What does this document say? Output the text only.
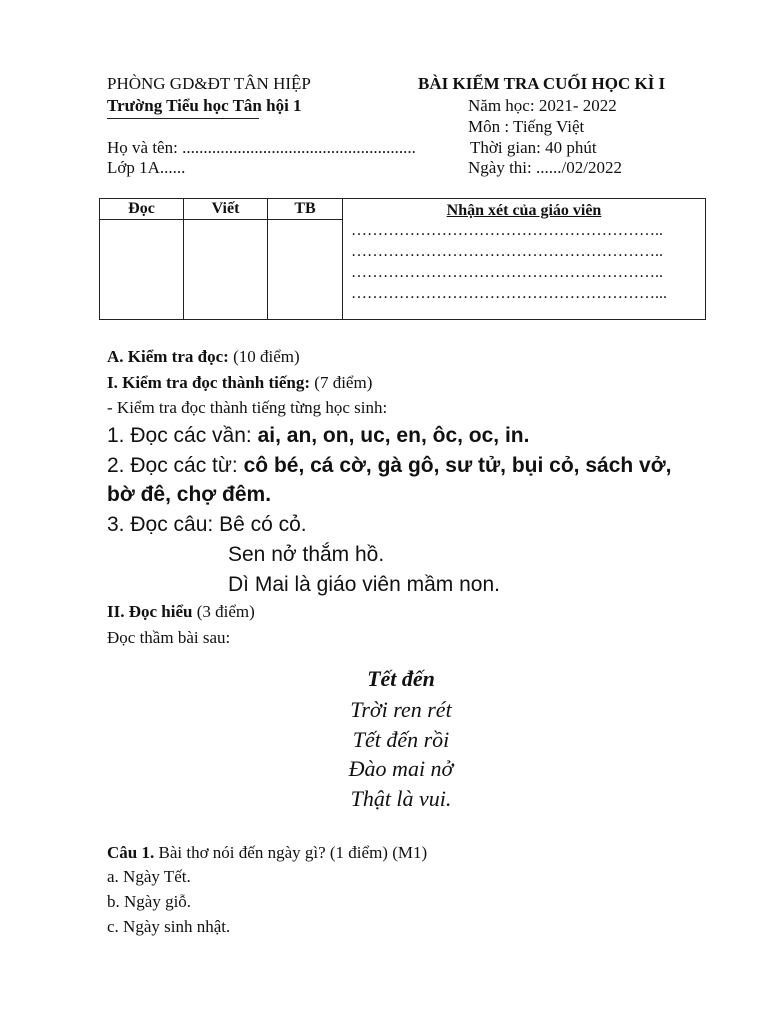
PHÒNG GD&ĐT TÂN HIỆP
Trường Tiểu học Tân hội 1
Họ và tên: .......................................................
Lớp 1A......
BÀI KIỂM TRA CUỐI HỌC KÌ I
Năm học: 2021- 2022
Môn : Tiếng Việt
Thời gian: 40 phút
Ngày thi: ....../02/2022
Đọc	Viết	TB	Nhận xét của giáo viên
…………………………………………………..
…………………………………………………..
…………………………………………………..
…………………………………………………...

A. Kiểm tra đọc: (10 điểm)
I. Kiểm tra đọc thành tiếng: (7 điểm)
- Kiểm tra đọc thành tiếng từng học sinh:
1. Đọc các vần: ai, an, on, uc, en, ôc, oc, in.
2. Đọc các từ: cô bé, cá cờ, gà gô, sư tử, bụi cỏ, sách vở,
bờ đê, chợ đêm.
3. Đọc câu: Bê có cỏ.
Sen nở thắm hồ.
Dì Mai là giáo viên mầm non.
II. Đọc hiểu (3 điểm)
Đọc thầm bài sau:
Tết đến
Trời ren rét
Tết đến rồi
Đào mai nở
Thật là vui.
Câu 1. Bài thơ nói đến ngày gì? (1 điểm) (M1)
a. Ngày Tết.
b. Ngày giỗ.
c. Ngày sinh nhật.
